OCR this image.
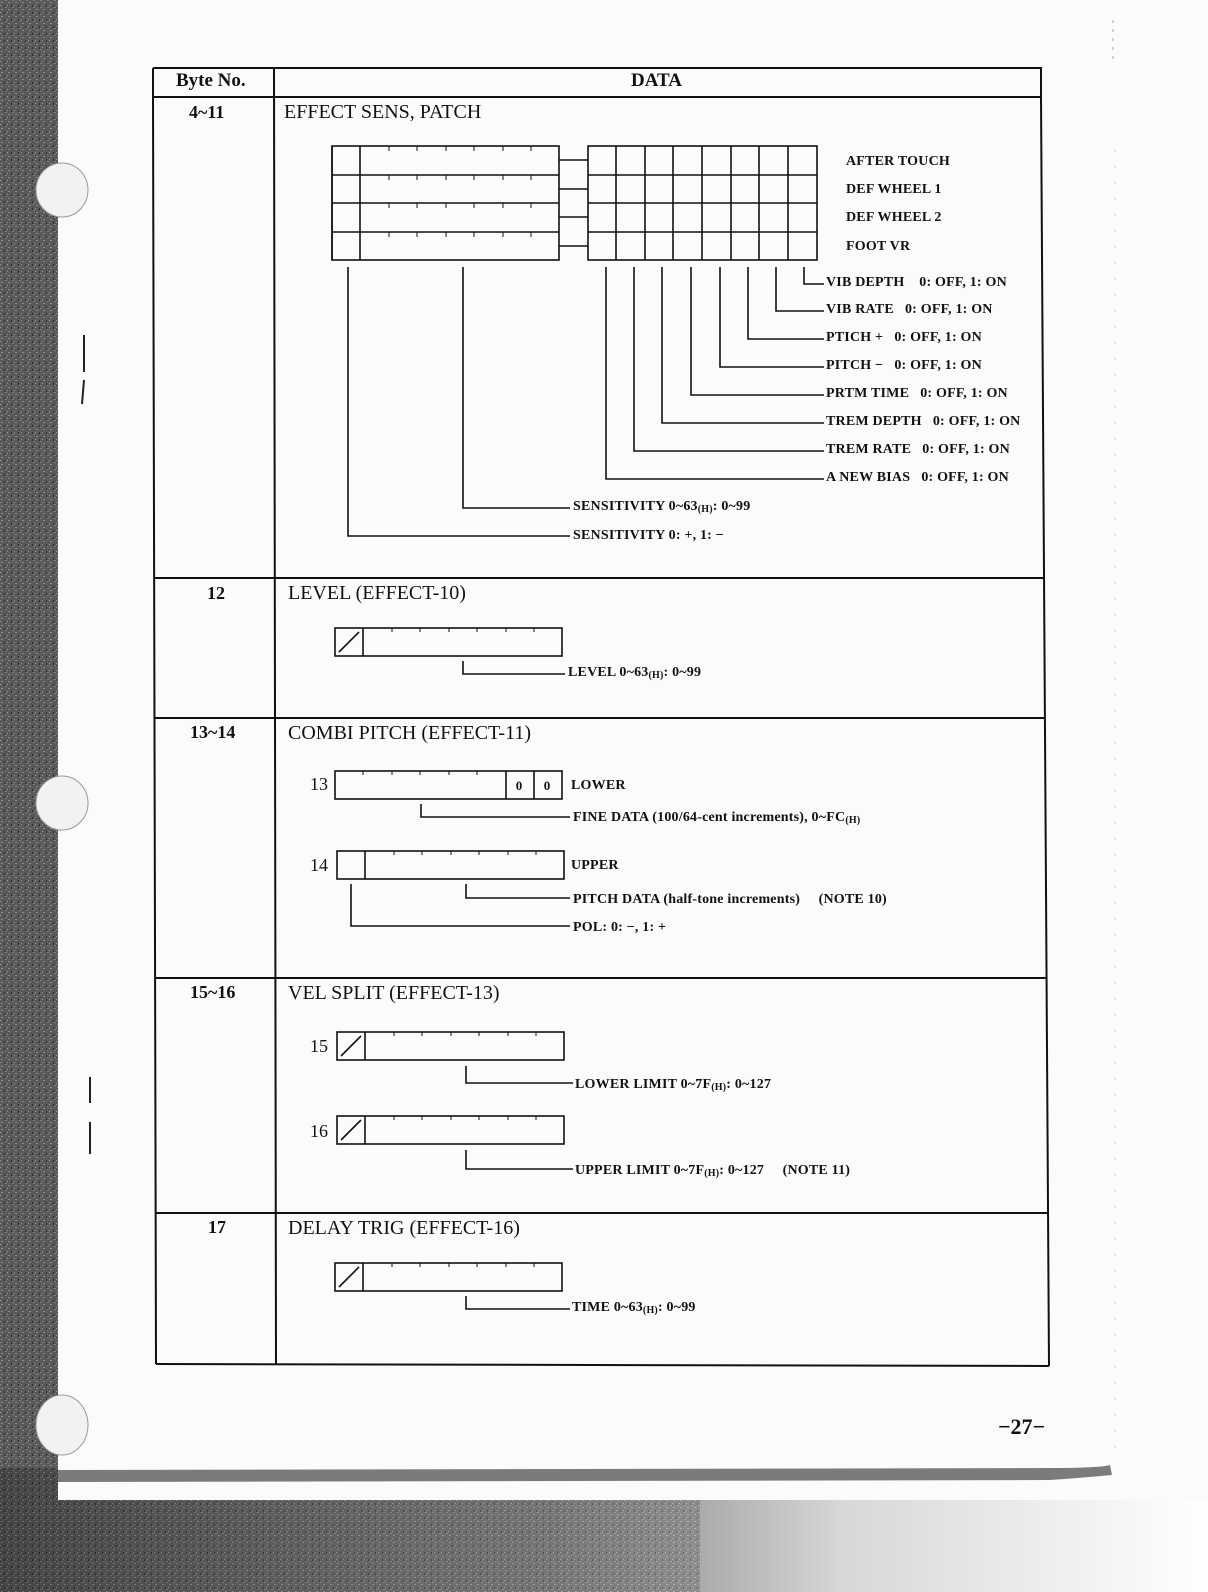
Byte No.	DATA
4~11	EFFECT SENS, PATCH
AFTER TOUCH
DEF WHEEL 1
DEF WHEEL 2
FOOT VR
VIB DEPTH 0: OFF, 1: ON
VIB RATE 0: OFF, 1: ON
PTICH + 0: OFF, 1: ON
PITCH − 0: OFF, 1: ON
PRTM TIME 0: OFF, 1: ON
TREM DEPTH 0: OFF, 1: ON
TREM RATE 0: OFF, 1: ON
A NEW BIAS 0: OFF, 1: ON
SENSITIVITY $0\sim 63_{(H)}$: 0~99
SENSITIVITY 0: +, 1: −
12	LEVEL (EFFECT-10)
LEVEL $0\sim 63_{(H)}$: 0~99
13~14	COMBI PITCH (EFFECT-11)
13	0	0	LOWER
FINE DATA (100/64-cent increments), $0\sim FC_{(H)}$
14	UPPER
PITCH DATA (half-tone increments) (NOTE 10)
POL: 0: −, 1: +
15~16	VEL SPLIT (EFFECT-13)
15
LOWER LIMIT $0\sim 7F_{(H)}$: 0~127
16
UPPER LIMIT $0\sim 7F_{(H)}$: 0~127 (NOTE 11)
17	DELAY TRIG (EFFECT-16)
TIME $0\sim 63_{(H)}$: 0~99
−27−
